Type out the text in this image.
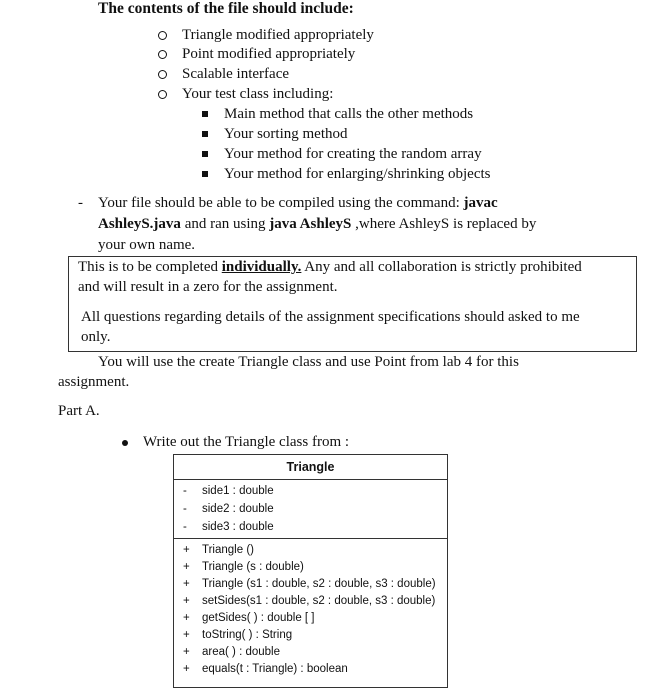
The contents of the file should include:
Triangle modified appropriately
Point modified appropriately
Scalable interface
Your test class including:
Main method that calls the other methods
Your sorting method
Your method for creating the random array
Your method for enlarging/shrinking objects
- Your file should be able to be compiled using the command: javac
AshleyS.java and ran using java AshleyS ,where AshleyS is replaced by
your own name.
This is to be completed individually. Any and all collaboration is strictly prohibited
and will result in a zero for the assignment.
All questions regarding details of the assignment specifications should asked to me
only.
You will use the create Triangle class and use Point from lab 4 for this
assignment.
Part A.
Write out the Triangle class from :
Triangle
- side1 : double
- side2 : double
- side3 : double
+ Triangle ()
+ Triangle (s : double)
+ Triangle (s1 : double, s2 : double, s3 : double)
+ setSides(s1 : double, s2 : double, s3 : double)
+ getSides( ) : double [ ]
+ toString( ) : String
+ area( ) : double
+ equals(t : Triangle) : boolean
